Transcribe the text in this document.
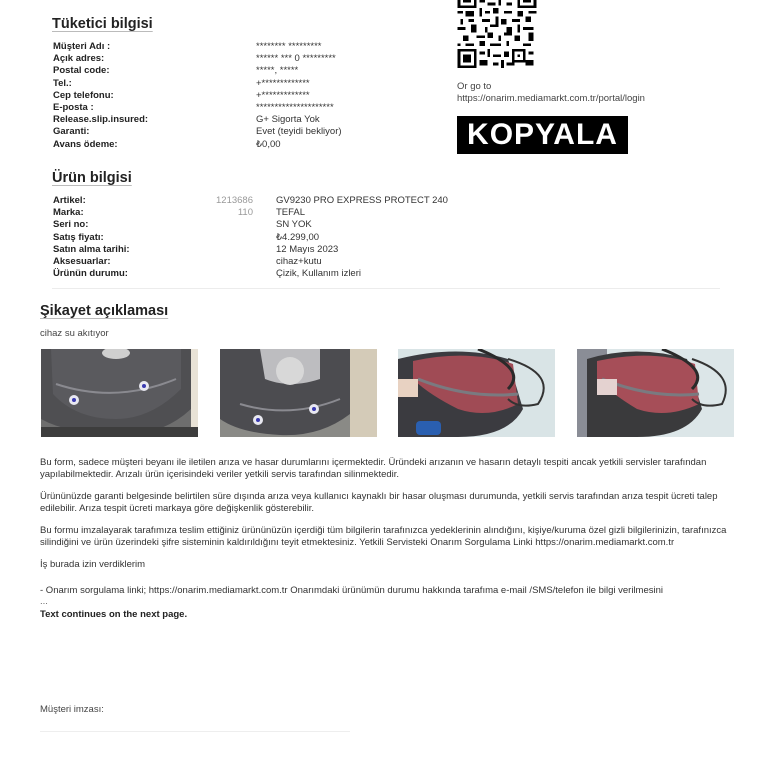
Tüketici bilgisi
Müşteri Adı :	******** *********
Açık adres:	****** *** 0 *********
Postal code:	*****, *****
Tel.:	+*************
Cep telefonu:	+*************
E-posta :	*********************
Release.slip.insured:	G+ Sigorta Yok
Garanti:	Evet (teyidi bekliyor)
Avans ödeme:	₺0,00
Or go to
https://onarim.mediamarkt.com.tr/portal/login
KOPYALA
Ürün bilgisi
Artikel:	1213686	GV9230 PRO EXPRESS PROTECT 240
Marka:	110	TEFAL
Seri no:	SN YOK
Satış fiyatı:	₺4.299,00
Satın alma tarihi:	12 Mayıs 2023
Aksesuarlar:	cihaz+kutu
Ürünün durumu:	Çizik, Kullanım izleri
Şikayet açıklaması
cihaz su akıtıyor

Bu form, sadece müşteri beyanı ile iletilen arıza ve hasar durumlarını içermektedir. Üründeki arızanın ve hasarın detaylı tespiti ancak yetkili servisler tarafından yapılabilmektedir. Arızalı ürün içerisindeki veriler yetkili servis tarafından silinmektedir.

Ürününüzde garanti belgesinde belirtilen süre dışında arıza veya kullanıcı kaynaklı bir hasar oluşması durumunda, yetkili servis tarafından arıza tespit ücreti talep edilebilir. Arıza tespit ücreti markaya göre değişkenlik gösterebilir.

Bu formu imzalayarak tarafımıza teslim ettiğiniz ürününüzün içerdiği tüm bilgilerin tarafınızca yedeklerinin alındığını, kişiye/kuruma özel gizli bilgilerinizin, tarafınızca silindiğini ve ürün üzerindeki şifre sisteminin kaldırıldığını teyit etmektesiniz. Yetkili Servisteki Onarım Sorgulama Linki https://onarim.mediamarkt.com.tr

İş burada izin verdiklerim

- Onarım sorgulama linki; https://onarim.mediamarkt.com.tr Onarımdaki ürünümün durumu hakkında tarafıma e-mail /SMS/telefon ile bilgi verilmesini

...
Text continues on the next page.
Müşteri imzası:
